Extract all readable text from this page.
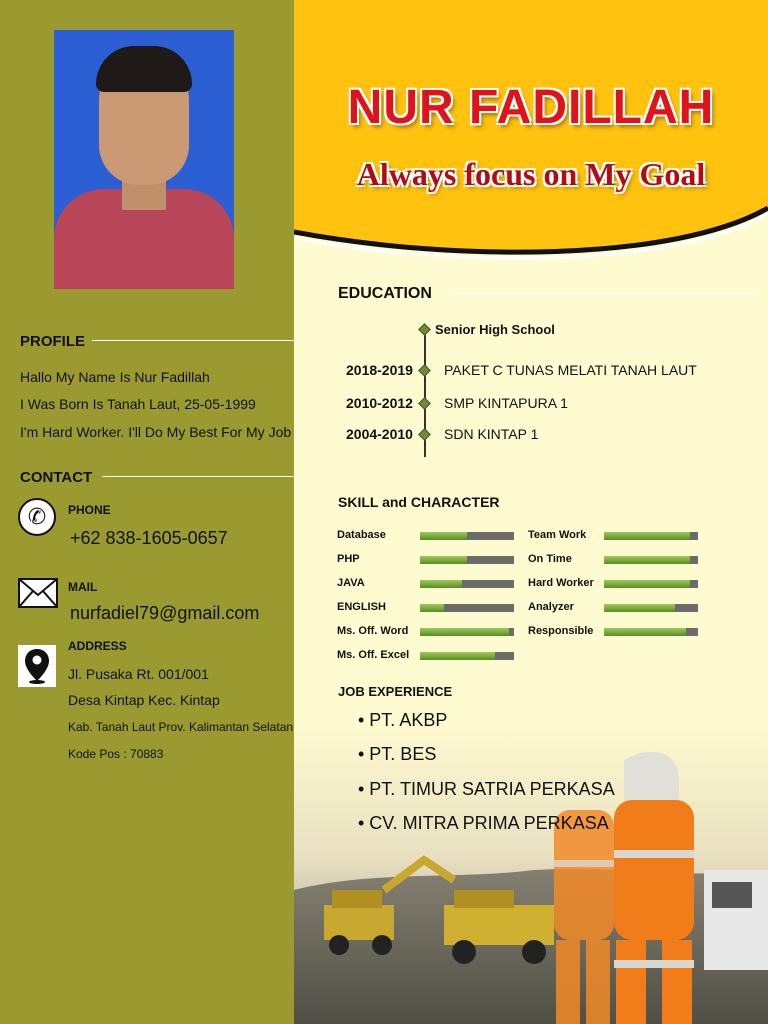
PROFILE
Hallo My Name Is Nur Fadillah
I Was Born Is Tanah Laut, 25-05-1999
I'm Hard Worker. I'll Do My Best For My Job
CONTACT
✆	PHONE
+62 838-1605-0657
MAIL
nurfadiel79@gmail.com
ADDRESS
Jl. Pusaka Rt. 001/001
Desa Kintap Kec. Kintap
Kab. Tanah Laut Prov. Kalimantan Selatan
Kode Pos : 70883
NUR FADILLAH
Always focus on My Goal
EDUCATION
Senior High School
2018-2019 PAKET C TUNAS MELATI TANAH LAUT
2010-2012 SMP KINTAPURA 1
2004-2010 SDN KINTAP 1
SKILL and CHARACTER
Database
PHP
JAVA
ENGLISH
Ms. Off. Word
Ms. Off. Excel
Team Work
On Time
Hard Worker
Analyzer
Responsible
JOB EXPERIENCE
• PT. AKBP
• PT. BES
• PT. TIMUR SATRIA PERKASA
• CV. MITRA PRIMA PERKASA
